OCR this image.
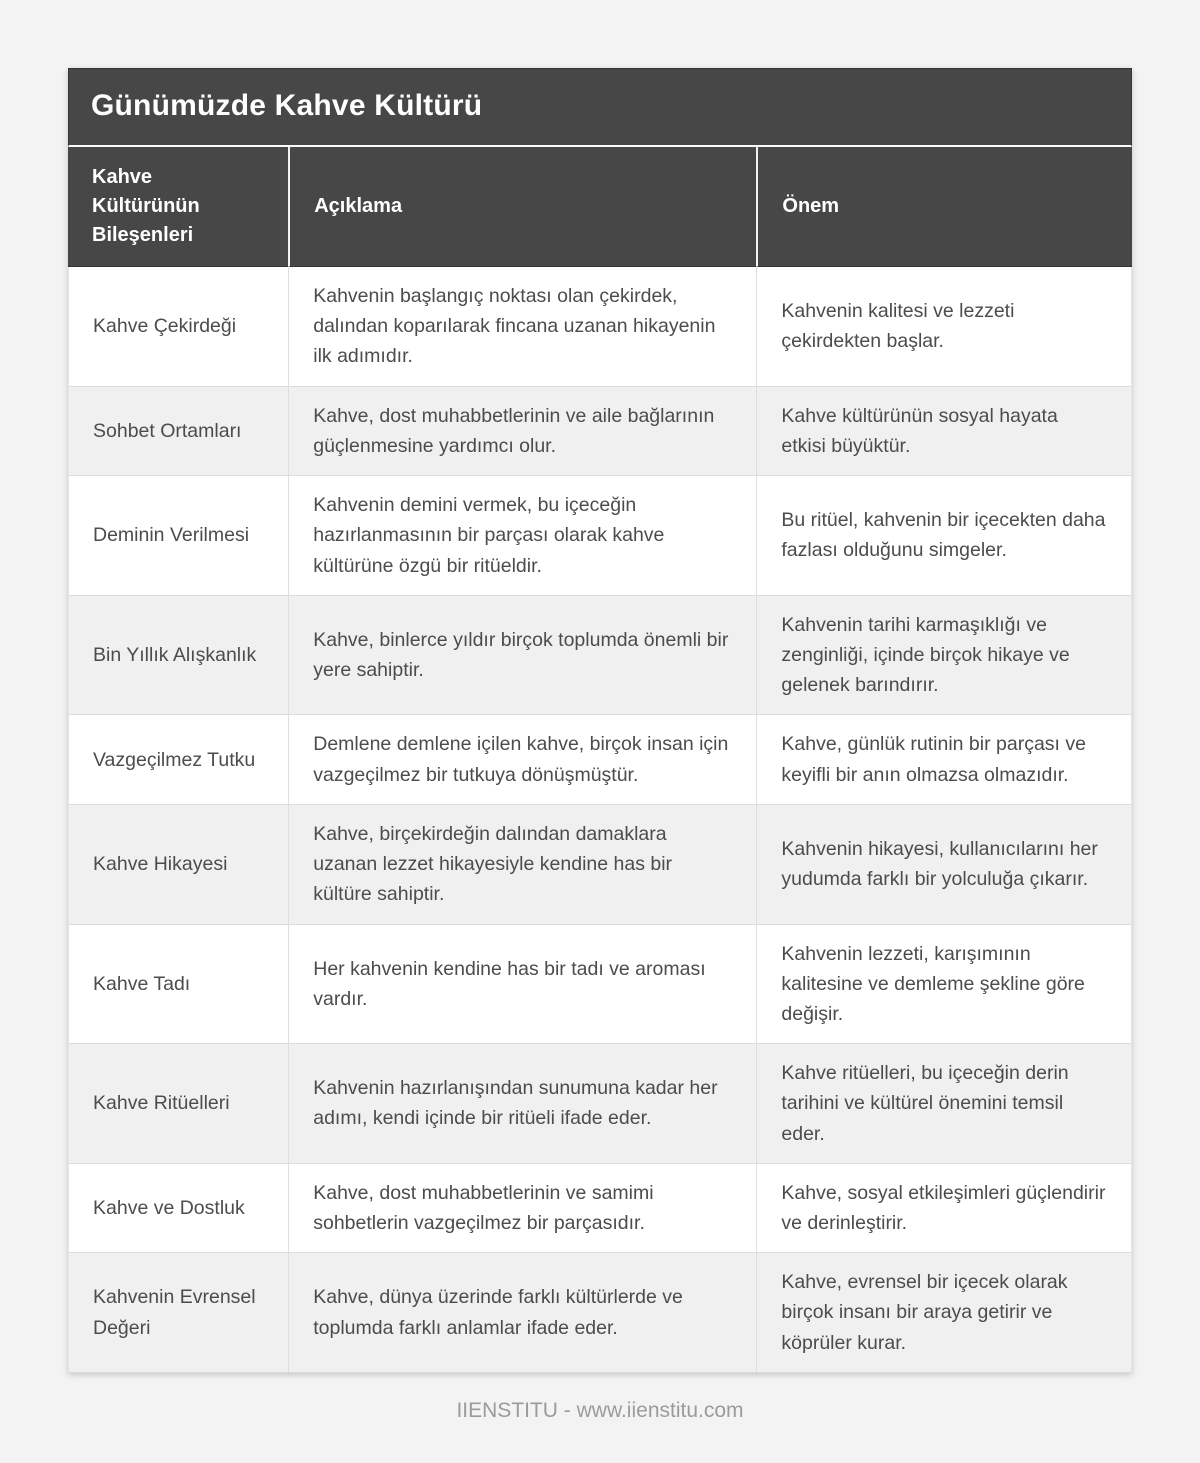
Günümüzde Kahve Kültürü
Kahve Kültürünün Bileşenleri	Açıklama	Önem
Kahve Çekirdeği	Kahvenin başlangıç noktası olan çekirdek, dalından koparılarak fincana uzanan hikayenin ilk adımıdır.	Kahvenin kalitesi ve lezzeti çekirdekten başlar.
Sohbet Ortamları	Kahve, dost muhabbetlerinin ve aile bağlarının güçlenmesine yardımcı olur.	Kahve kültürünün sosyal hayata etkisi büyüktür.
Deminin Verilmesi	Kahvenin demini vermek, bu içeceğin hazırlanmasının bir parçası olarak kahve kültürüne özgü bir ritüeldir.	Bu ritüel, kahvenin bir içecekten daha fazlası olduğunu simgeler.
Bin Yıllık Alışkanlık	Kahve, binlerce yıldır birçok toplumda önemli bir yere sahiptir.	Kahvenin tarihi karmaşıklığı ve zenginliği, içinde birçok hikaye ve gelenek barındırır.
Vazgeçilmez Tutku	Demlene demlene içilen kahve, birçok insan için vazgeçilmez bir tutkuya dönüşmüştür.	Kahve, günlük rutinin bir parçası ve keyifli bir anın olmazsa olmazıdır.
Kahve Hikayesi	Kahve, birçekirdeğin dalından damaklara uzanan lezzet hikayesiyle kendine has bir kültüre sahiptir.	Kahvenin hikayesi, kullanıcılarını her yudumda farklı bir yolculuğa çıkarır.
Kahve Tadı	Her kahvenin kendine has bir tadı ve aroması vardır.	Kahvenin lezzeti, karışımının kalitesine ve demleme şekline göre değişir.
Kahve Ritüelleri	Kahvenin hazırlanışından sunumuna kadar her adımı, kendi içinde bir ritüeli ifade eder.	Kahve ritüelleri, bu içeceğin derin tarihini ve kültürel önemini temsil eder.
Kahve ve Dostluk	Kahve, dost muhabbetlerinin ve samimi sohbetlerin vazgeçilmez bir parçasıdır.	Kahve, sosyal etkileşimleri güçlendirir ve derinleştirir.
Kahvenin Evrensel Değeri	Kahve, dünya üzerinde farklı kültürlerde ve toplumda farklı anlamlar ifade eder.	Kahve, evrensel bir içecek olarak birçok insanı bir araya getirir ve köprüler kurar.
IIENSTITU - www.iienstitu.com
